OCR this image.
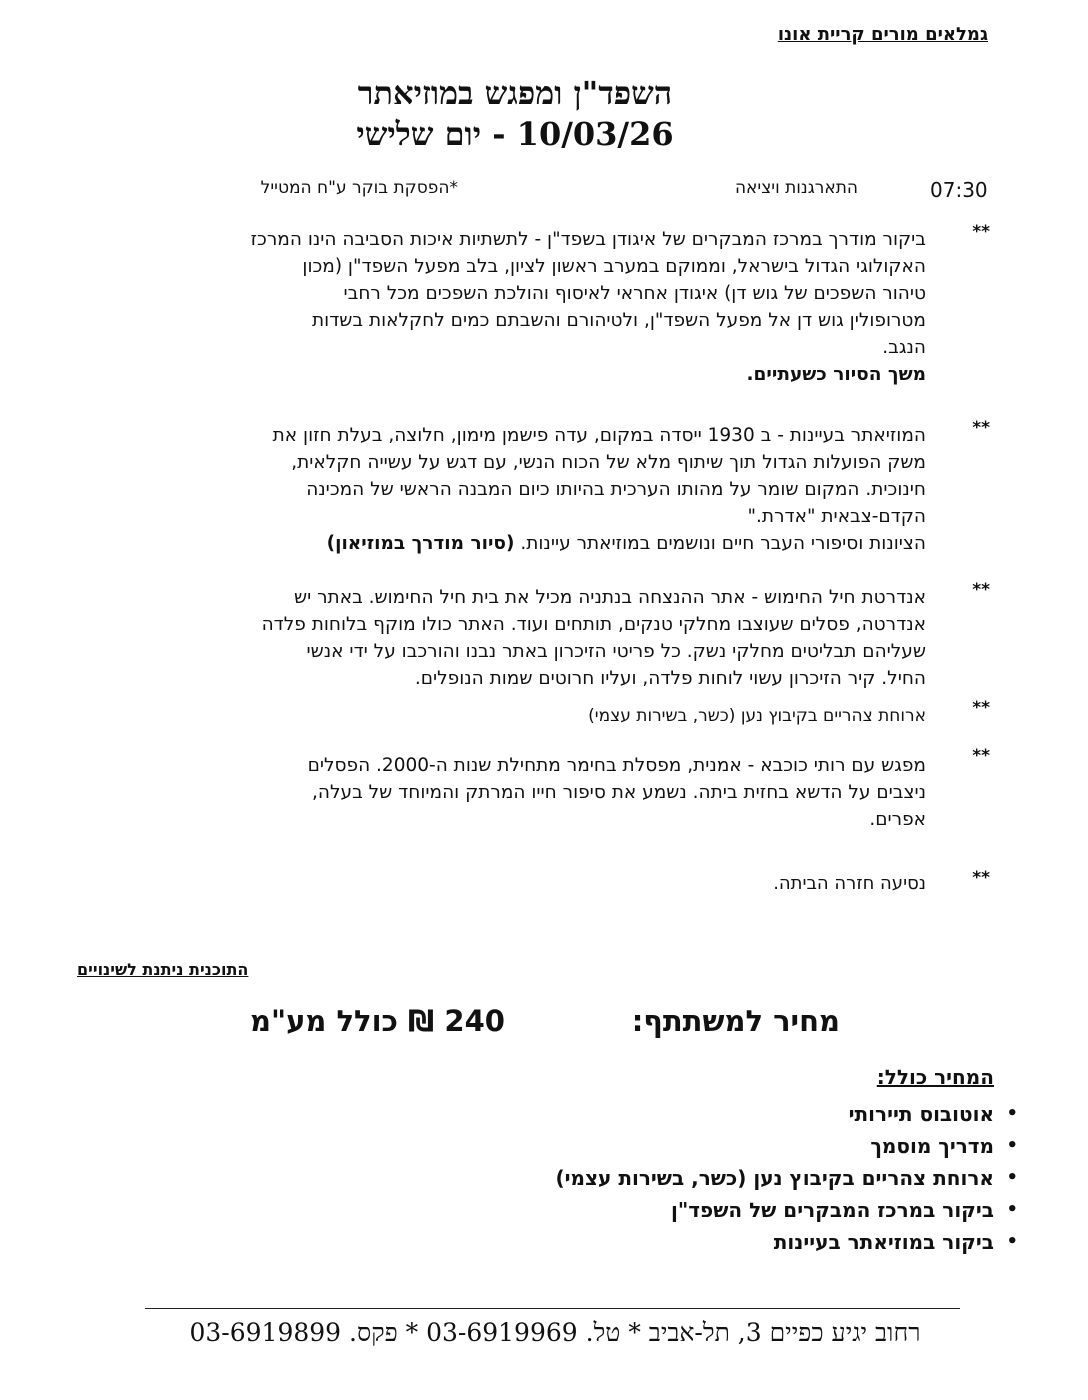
גמלאים מורים קריית אונו
השפד"ן ומפגש במוזיאתר
10/03/26 - יום שלישי
07:30
התארגנות ויציאה
*הפסקת בוקר ע"ח המטייל
**
ביקור מודרך במרכז המבקרים של איגודן בשפד"ן - לתשתיות איכות הסביבה הינו המרכז
האקולוגי הגדול בישראל, וממוקם במערב ראשון לציון, בלב מפעל השפד"ן (מכון
טיהור השפכים של גוש דן) איגודן אחראי לאיסוף והולכת השפכים מכל רחבי
מטרופולין גוש דן אל מפעל השפד"ן, ולטיהורם והשבתם כמים לחקלאות בשדות
הנגב.
משך הסיור כשעתיים.
**
המוזיאתר בעיינות - ב 1930 ייסדה במקום, עדה פישמן מימון, חלוצה, בעלת חזון את
משק הפועלות הגדול תוך שיתוף מלא של הכוח הנשי, עם דגש על עשייה חקלאית,
חינוכית. המקום שומר על מהותו הערכית בהיותו כיום המבנה הראשי של המכינה
הקדם-צבאית "אדרת."
הציונות וסיפורי העבר חיים ונושמים במוזיאתר עיינות. (סיור מודרך במוזיאון)
**
אנדרטת חיל החימוש - אתר ההנצחה בנתניה מכיל את בית חיל החימוש. באתר יש
אנדרטה, פסלים שעוצבו מחלקי טנקים, תותחים ועוד. האתר כולו מוקף בלוחות פלדה
שעליהם תבליטים מחלקי נשק. כל פריטי הזיכרון באתר נבנו והורכבו על ידי אנשי
החיל. קיר הזיכרון עשוי לוחות פלדה, ועליו חרוטים שמות הנופלים.
**
ארוחת צהריים בקיבוץ נען (כשר, בשירות עצמי)
**
מפגש עם רותי כוכבא - אמנית, מפסלת בחימר מתחילת שנות ה-2000. הפסלים
ניצבים על הדשא בחזית ביתה. נשמע את סיפור חייו המרתק והמיוחד של בעלה,
אפרים.
**
נסיעה חזרה הביתה.
התוכנית ניתנת לשינויים
מחיר למשתתף:
240 ₪ כולל מע"מ
המחיר כולל:
•
אוטובוס תיירותי
•
מדריך מוסמך
•
ארוחת צהריים בקיבוץ נען (כשר, בשירות עצמי)
•
ביקור במרכז המבקרים של השפד"ן
•
ביקור במוזיאתר בעיינות
רחוב יגיע כפיים 3, תל-אביב * טל. 03-6919969 * פקס. 03-6919899
